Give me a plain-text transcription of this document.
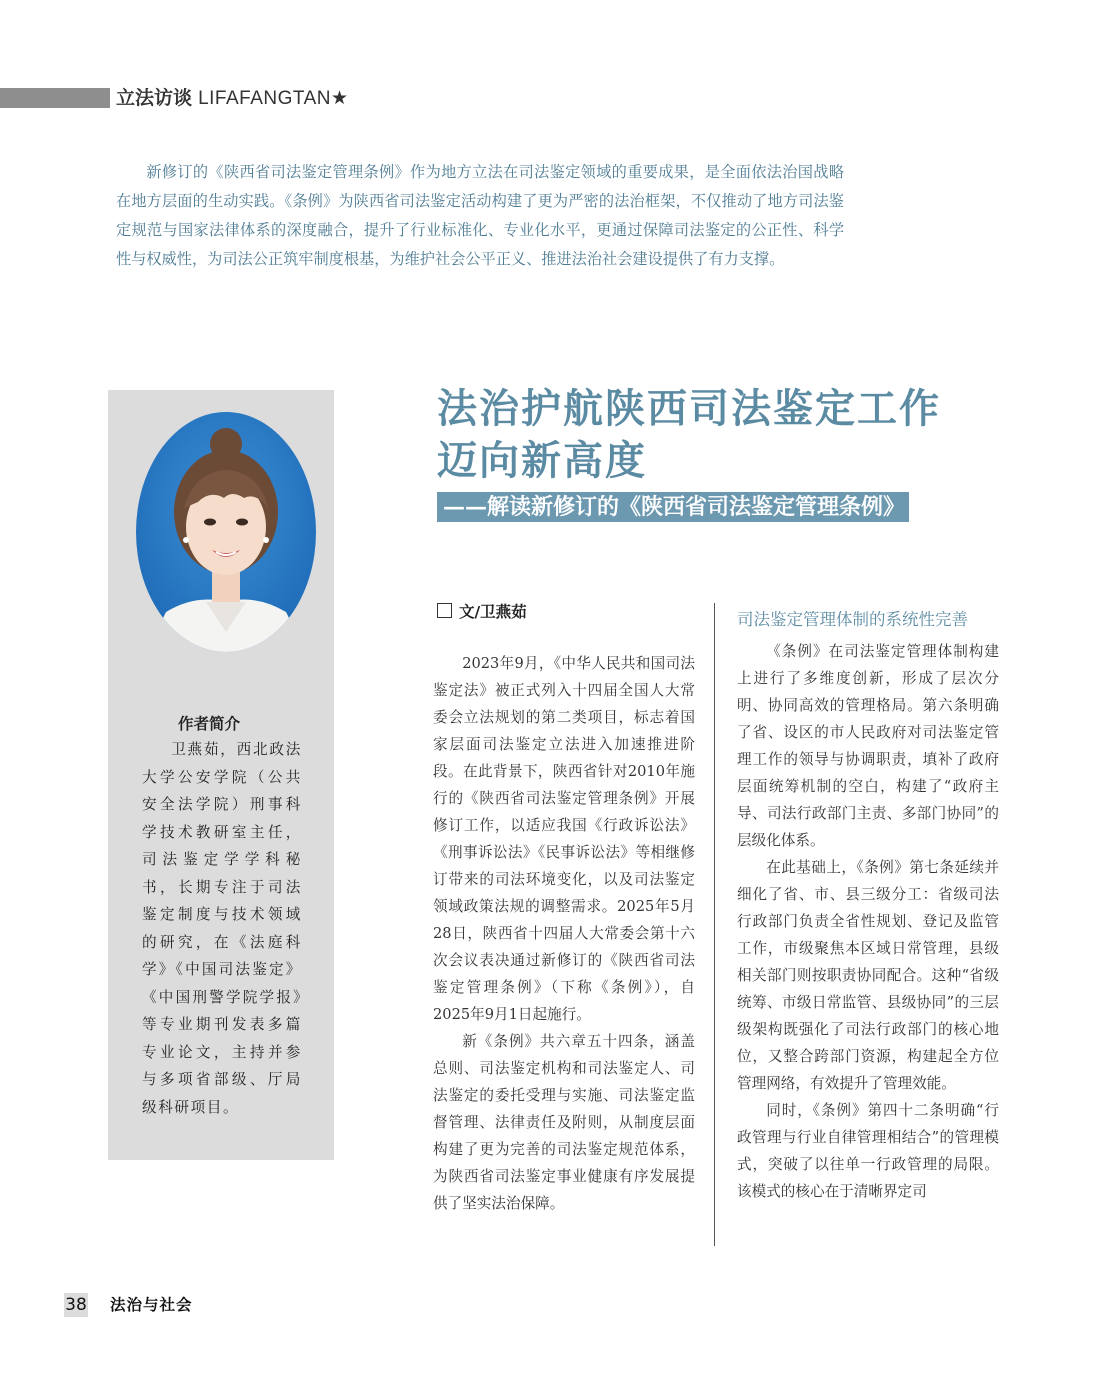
立法访谈 LIFAFANGTAN★

新修订的《陕西省司法鉴定管理条例》作为地方立法在司法鉴定领域的重要成果，是全面依法治国战略在地方层面的生动实践。《条例》为陕西省司法鉴定活动构建了更为严密的法治框架，不仅推动了地方司法鉴定规范与国家法律体系的深度融合，提升了行业标准化、专业化水平，更通过保障司法鉴定的公正性、科学性与权威性，为司法公正筑牢制度根基，为维护社会公平正义、推进法治社会建设提供了有力支撑。

作者简介

卫燕茹，西北政法大学公安学院（公共安全法学院）刑事科学技术教研室主任，司法鉴定学学科秘书，长期专注于司法鉴定制度与技术领域的研究，在《法庭科学》《中国司法鉴定》《中国刑警学院学报》等专业期刊发表多篇专业论文，主持并参与多项省部级、厅局级科研项目。

法治护航陕西司法鉴定工作
迈向新高度
——解读新修订的《陕西省司法鉴定管理条例》
文/卫燕茹

2023年9月，《中华人民共和国司法鉴定法》被正式列入十四届全国人大常委会立法规划的第二类项目，标志着国家层面司法鉴定立法进入加速推进阶段。在此背景下，陕西省针对2010年施行的《陕西省司法鉴定管理条例》开展修订工作，以适应我国《行政诉讼法》《刑事诉讼法》《民事诉讼法》等相继修订带来的司法环境变化，以及司法鉴定领域政策法规的调整需求。2025年5月28日，陕西省十四届人大常委会第十六次会议表决通过新修订的《陕西省司法鉴定管理条例》（下称《条例》），自2025年9月1日起施行。

新《条例》共六章五十四条，涵盖总则、司法鉴定机构和司法鉴定人、司法鉴定的委托受理与实施、司法鉴定监督管理、法律责任及附则，从制度层面构建了更为完善的司法鉴定规范体系，为陕西省司法鉴定事业健康有序发展提供了坚实法治保障。

司法鉴定管理体制的系统性完善

《条例》在司法鉴定管理体制构建上进行了多维度创新，形成了层次分明、协同高效的管理格局。第六条明确了省、设区的市人民政府对司法鉴定管理工作的领导与协调职责，填补了政府层面统筹机制的空白，构建了“政府主导、司法行政部门主责、多部门协同”的层级化体系。

在此基础上，《条例》第七条延续并细化了省、市、县三级分工：省级司法行政部门负责全省性规划、登记及监管工作，市级聚焦本区域日常管理，县级相关部门则按职责协同配合。这种“省级统筹、市级日常监管、县级协同”的三层级架构既强化了司法行政部门的核心地位，又整合跨部门资源，构建起全方位管理网络，有效提升了管理效能。

同时，《条例》第四十二条明确“行政管理与行业自律管理相结合”的管理模式，突破了以往单一行政管理的局限。该模式的核心在于清晰界定司

38 法治与社会
